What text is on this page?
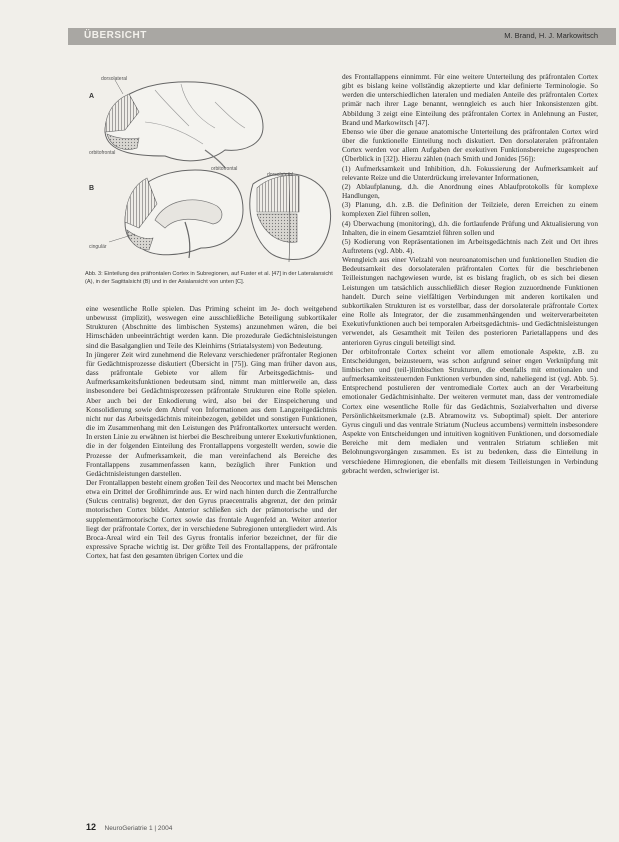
ÜBERSICHT	M. Brand, H. J. Markowitsch
A
dorsolateral
orbitofrontal
B
cingulär
dorsolateral
orbitofrontal
Abb. 3: Einteilung des präfrontalen Cortex in Subregionen, auf Fuster et al. [47] in der Lateralansicht (A), in der Sagittalsicht (B) und in der Axialansicht von unten [C].

eine wesentliche Rolle spielen. Das Priming scheint im Je- doch weitgehend unbewusst (implizit), weswegen eine ausschließliche Beteiligung subkortikaler Strukturen (Abschnitte des limbischen Systems) anzunehmen wären, die bei Hirnschäden unbeeinträchtigt werden kann. Die prozedurale Gedächtnisleistungen sind die Basalganglien und Teile des Kleinhirns (Striatalsystem) von Bedeutung.

In jüngerer Zeit wird zunehmend die Relevanz verschiedener präfrontaler Regionen für Gedächtnisprozesse diskutiert (Übersicht in [75]). Ging man früher davon aus, dass präfrontale Gebiete vor allem für Arbeitsgedächtnis- und Aufmerksamkeitsfunktionen bedeutsam sind, nimmt man mittlerweile an, dass insbesondere bei Gedächtnisprozessen präfrontale Strukturen eine Rolle spielen. Aber auch bei der Enkodierung wird, also bei der Einspeicherung und Konsolidierung sowie dem Abruf von Informationen aus dem Langzeitgedächtnis nicht nur das Arbeitsgedächtnis miteinbezogen, gebildet und sonstigen Funktionen, die im Zusammenhang mit den Leistungen des Präfrontalkortex untersucht werden. In ersten Linie zu erwähnen ist hierbei die Beschreibung unterer Exekutivfunktionen, die in der folgenden Einteilung des Frontallappens vorgestellt werden, sowie die Prozesse der Aufmerksamkeit, die man vereinfachend als Bereiche des Frontallappens zusammenfassen kann, bezüglich ihrer Funktion und Gedächtnisleistungen darstellen.

Der Frontallappen besteht einem großen Teil des Neocortex und macht bei Menschen etwa ein Drittel der Großhirnrinde aus. Er wird nach hinten durch die Zentralfurche (Sulcus centralis) begrenzt, der den Gyrus praecentralis abgrenzt, der den primär motorischen Cortex bildet. Anterior schließen sich der prämotorische und der supplementärmotorische Cortex sowie das frontale Augenfeld an. Weiter anterior liegt der präfrontale Cortex, der in verschiedene Subregionen untergliedert wird. Als Broca-Areal wird ein Teil des Gyrus frontalis inferior bezeichnet, der für die expressive Sprache wichtig ist. Der größte Teil des Frontallappens, der präfrontale Cortex, hat fast den gesamten übrigen Cortex und die

des Frontallappens einnimmt. Für eine weitere Unterteilung des präfrontalen Cortex gibt es bislang keine vollständig akzeptierte und klar definierte Terminologie. So werden die unterschiedlichen lateralen und medialen Anteile des präfrontalen Cortex primär nach ihrer Lage benannt, wenngleich es auch hier Inkonsistenzen gibt. Abbildung 3 zeigt eine Einteilung des präfrontalen Cortex in Anlehnung an Fuster, Brand und Markowitsch [47].

Ebenso wie über die genaue anatomische Unterteilung des präfrontalen Cortex wird über die funktionelle Einteilung noch diskutiert. Den dorsolateralen präfrontalen Cortex werden vor allem Aufgaben der exekutiven Funktionsbereiche zugesprochen (Überblick in [32]). Hierzu zählen (nach Smith und Jonides [56]):

(1) Aufmerksamkeit und Inhibition, d.h. Fokussierung der Aufmerksamkeit auf relevante Reize und die Unterdrückung irrelevanter Informationen,

(2) Ablaufplanung, d.h. die Anordnung eines Ablaufprotokolls für komplexe Handlungen,

(3) Planung, d.h. z.B. die Definition der Teilziele, deren Erreichen zu einem komplexen Ziel führen sollen,

(4) Überwachung (monitoring), d.h. die fortlaufende Prüfung und Aktualisierung von Inhalten, die in einem Gesamtziel führen sollen und

(5) Kodierung von Repräsentationen im Arbeitsgedächtnis nach Zeit und Ort ihres Auftretens (vgl. Abb. 4).

Wenngleich aus einer Vielzahl von neuroanatomischen und funktionellen Studien die Bedeutsamkeit des dorsolateralen präfrontalen Cortex für die beschriebenen Teilleistungen nachgewiesen wurde, ist es bislang fraglich, ob es sich bei diesen Leistungen um tatsächlich ausschließlich dieser Region zuzuordnende Funktionen handelt. Durch seine vielfältigen Verbindungen mit anderen kortikalen und subkortikalen Strukturen ist es vorstellbar, dass der dorsolaterale präfrontale Cortex eine Rolle als Integrator, der die zusammenhängenden und weiterverarbeiteten Exekutivfunktionen auch bei temporalen Arbeitsgedächtnis- und Gedächtnisleistungen verwendet, als Gesamtheit mit Teilen des posterioren Parietallappens und des anterioren Gyrus cinguli beteiligt sind.

Der orbitofrontale Cortex scheint vor allem emotionale Aspekte, z.B. zu Entscheidungen, beizusteuern, was schon aufgrund seiner engen Verknüpfung mit limbischen und (teil-)limbischen Strukturen, die ebenfalls mit emotionalen und aufmerksamkeitssteuernden Funktionen verbunden sind, naheliegend ist (vgl. Abb. 5). Entsprechend postulieren der ventromediale Cortex auch an der Verarbeitung emotionaler Gedächtnisinhalte. Der weiteren vermutet man, dass der ventromediale Cortex eine wesentliche Rolle für das Gedächtnis, Sozialverhalten und diverse Persönlichkeitsmerkmale (z.B. Abramowitz vs. Suboptimal) spielt. Der anteriore Gyrus cinguli und das ventrale Striatum (Nucleus accumbens) vermitteln insbesondere Aspekte von Entscheidungen und intuitiven kognitiven Funktionen, und dorsomediale Bereiche mit dem medialen und ventralen Striatum schließen mit Belohnungsvorgängen zusammen. Es ist zu bedenken, dass die Einteilung in verschiedene Hirnregionen, die ebenfalls mit diesem Teilleistungen in Verbindung gebracht werden, schwieriger ist.

12 NeuroGeriatrie 1 | 2004
